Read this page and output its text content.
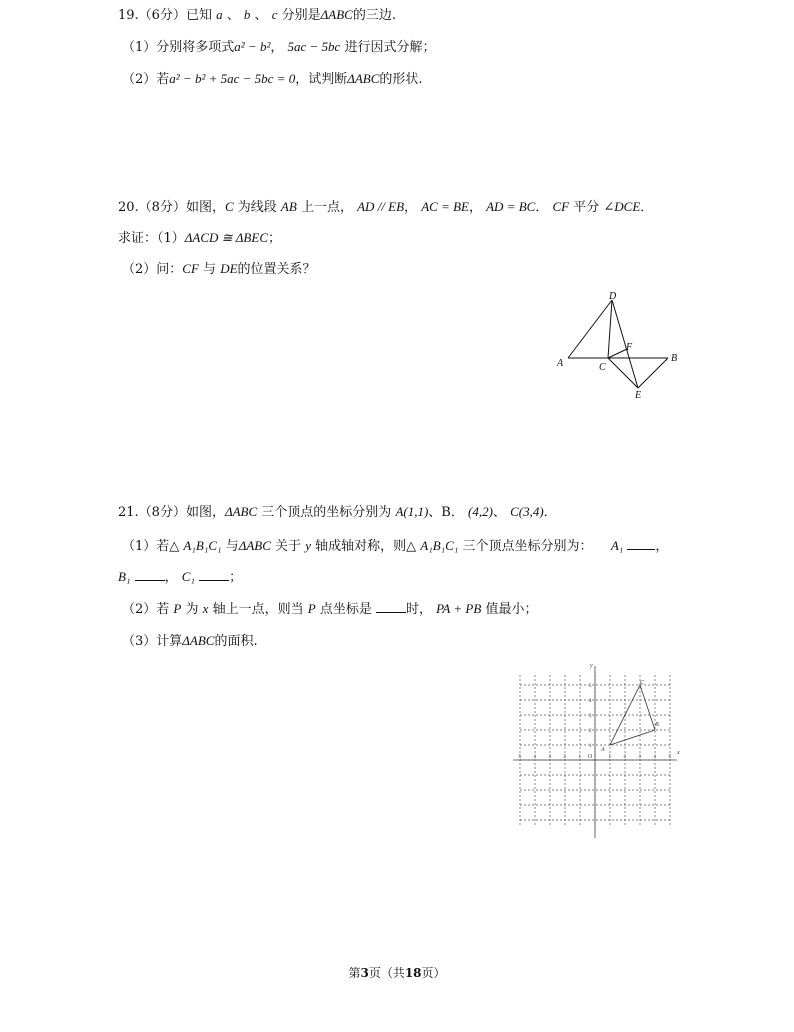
19.（6分）已知 a 、 b 、 c 分别是ΔABC的三边.
（1）分别将多项式a² − b²， 5ac − 5bc 进行因式分解；
（2）若a² − b² + 5ac − 5bc = 0，试判断ΔABC的形状.
20.（8分）如图，C 为线段 AB 上一点， AD // EB， AC = BE， AD = BC． CF 平分 ∠DCE．
求证：（1）ΔACD ≅ ΔBEC；
（2）问：CF 与 DE的位置关系？
D
F
A	C
B
E
21.（8分）如图，ΔABC 三个顶点的坐标分别为 A(1,1)、B． (4,2)、 C(3,4)．
（1）若△ A₁B₁C₁ 与ΔABC 关于 y 轴成轴对称，则△ A₁B₁C₁ 三个顶点坐标分别为： A₁ ，
B₁	， C₁	；
（2）若 P 为 x 轴上一点，则当 P 点坐标是	时， PA + PB 值最小；
（3）计算ΔABC的面积.
x
y
O
A
B
C
5	4	3	2	1	1	2	3	4	5
1
2
3
4
5
第3页（共18页）
